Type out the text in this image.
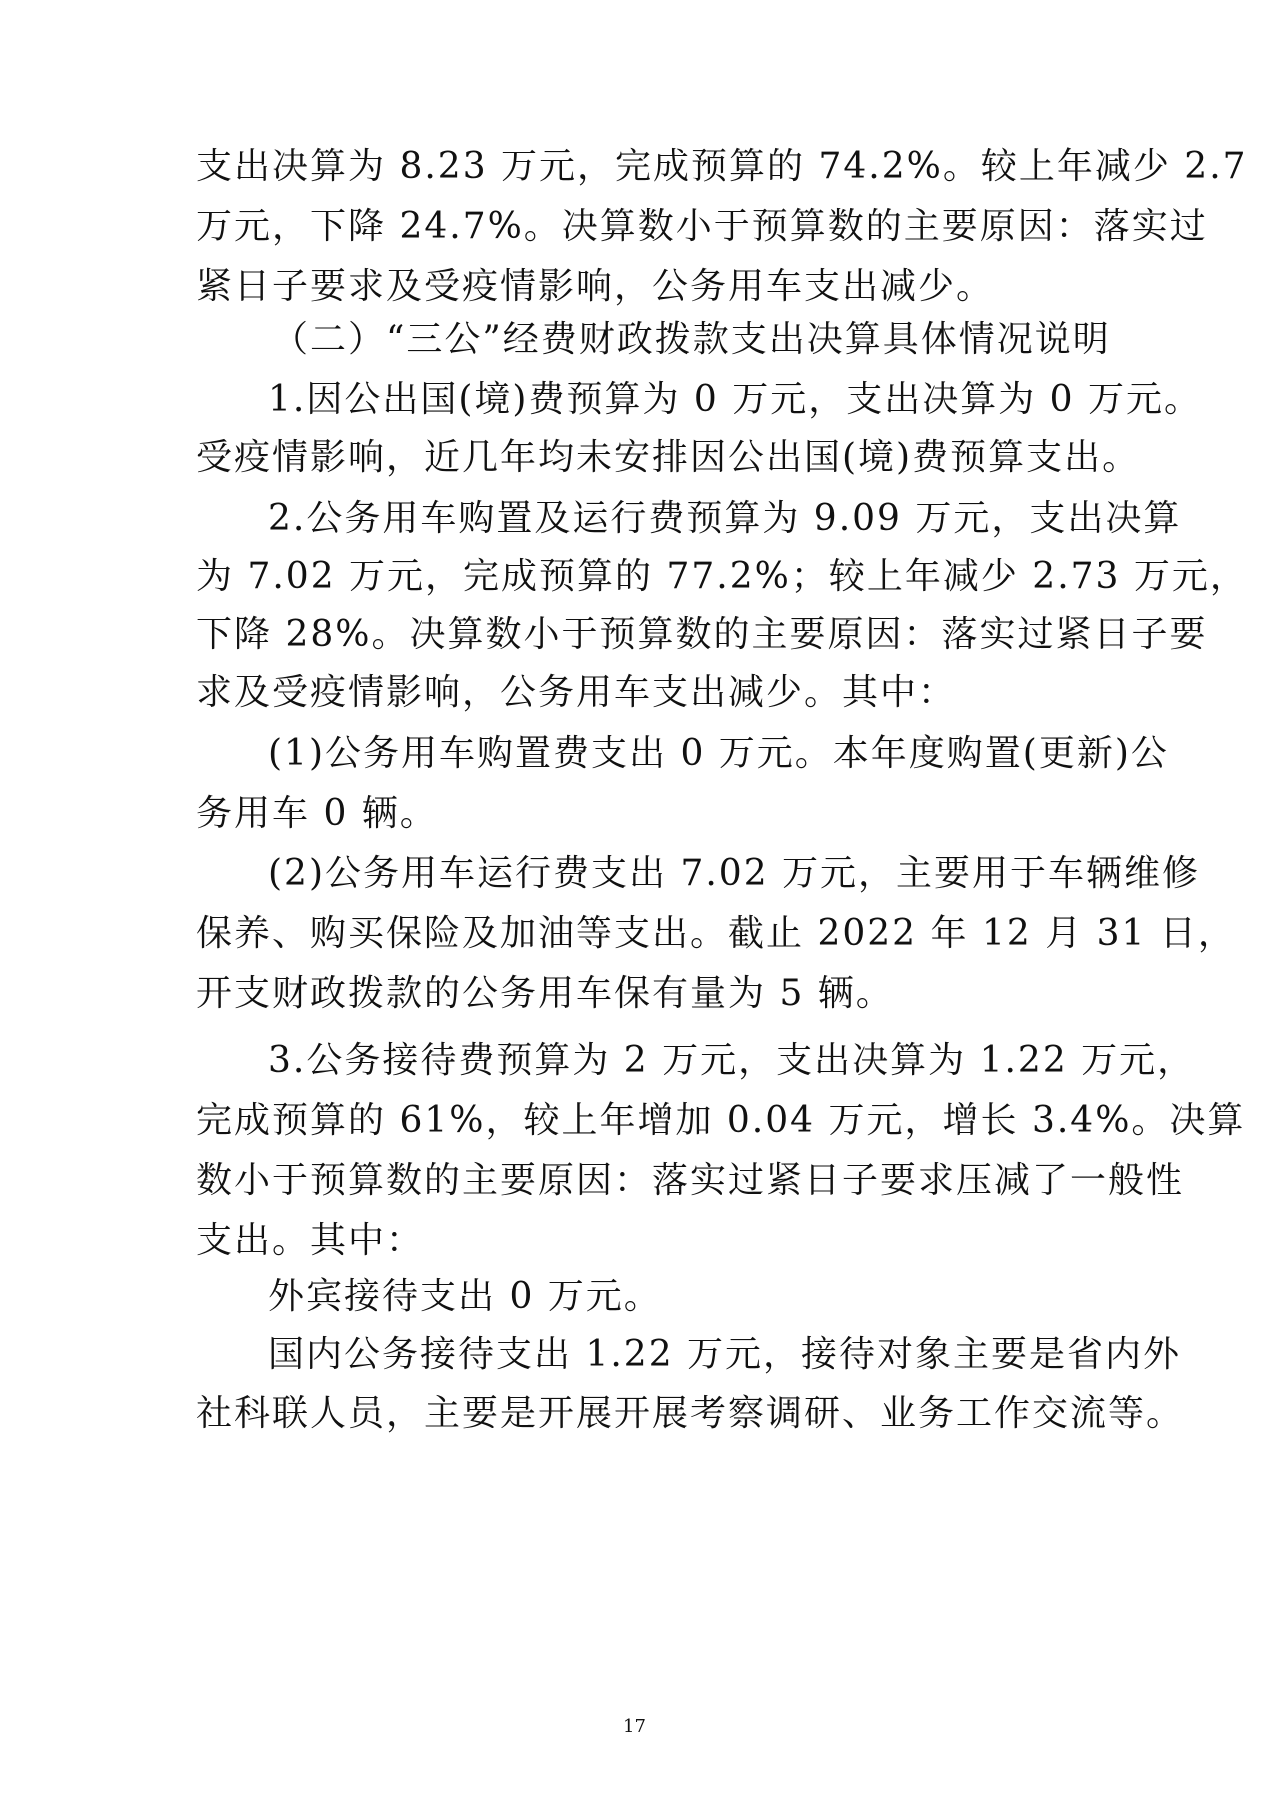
支出决算为 8.23 万元，完成预算的 74.2%。较上年减少 2.7
万元，下降 24.7%。决算数小于预算数的主要原因：落实过
紧日子要求及受疫情影响，公务用车支出减少。
（二）“三公”经费财政拨款支出决算具体情况说明
1.因公出国(境)费预算为 0 万元，支出决算为 0 万元。
受疫情影响，近几年均未安排因公出国(境)费预算支出。
2.公务用车购置及运行费预算为 9.09 万元，支出决算
为 7.02 万元，完成预算的 77.2%；较上年减少 2.73 万元，
下降 28%。决算数小于预算数的主要原因：落实过紧日子要
求及受疫情影响，公务用车支出减少。其中：
(1)公务用车购置费支出 0 万元。本年度购置(更新)公
务用车 0 辆。
(2)公务用车运行费支出 7.02 万元，主要用于车辆维修
保养、购买保险及加油等支出。截止 2022 年 12 月 31 日，
开支财政拨款的公务用车保有量为 5 辆。
3.公务接待费预算为 2 万元，支出决算为 1.22 万元，
完成预算的 61%，较上年增加 0.04 万元，增长 3.4%。决算
数小于预算数的主要原因：落实过紧日子要求压减了一般性
支出。其中：
外宾接待支出 0 万元。
国内公务接待支出 1.22 万元，接待对象主要是省内外
社科联人员，主要是开展开展考察调研、业务工作交流等。
17
